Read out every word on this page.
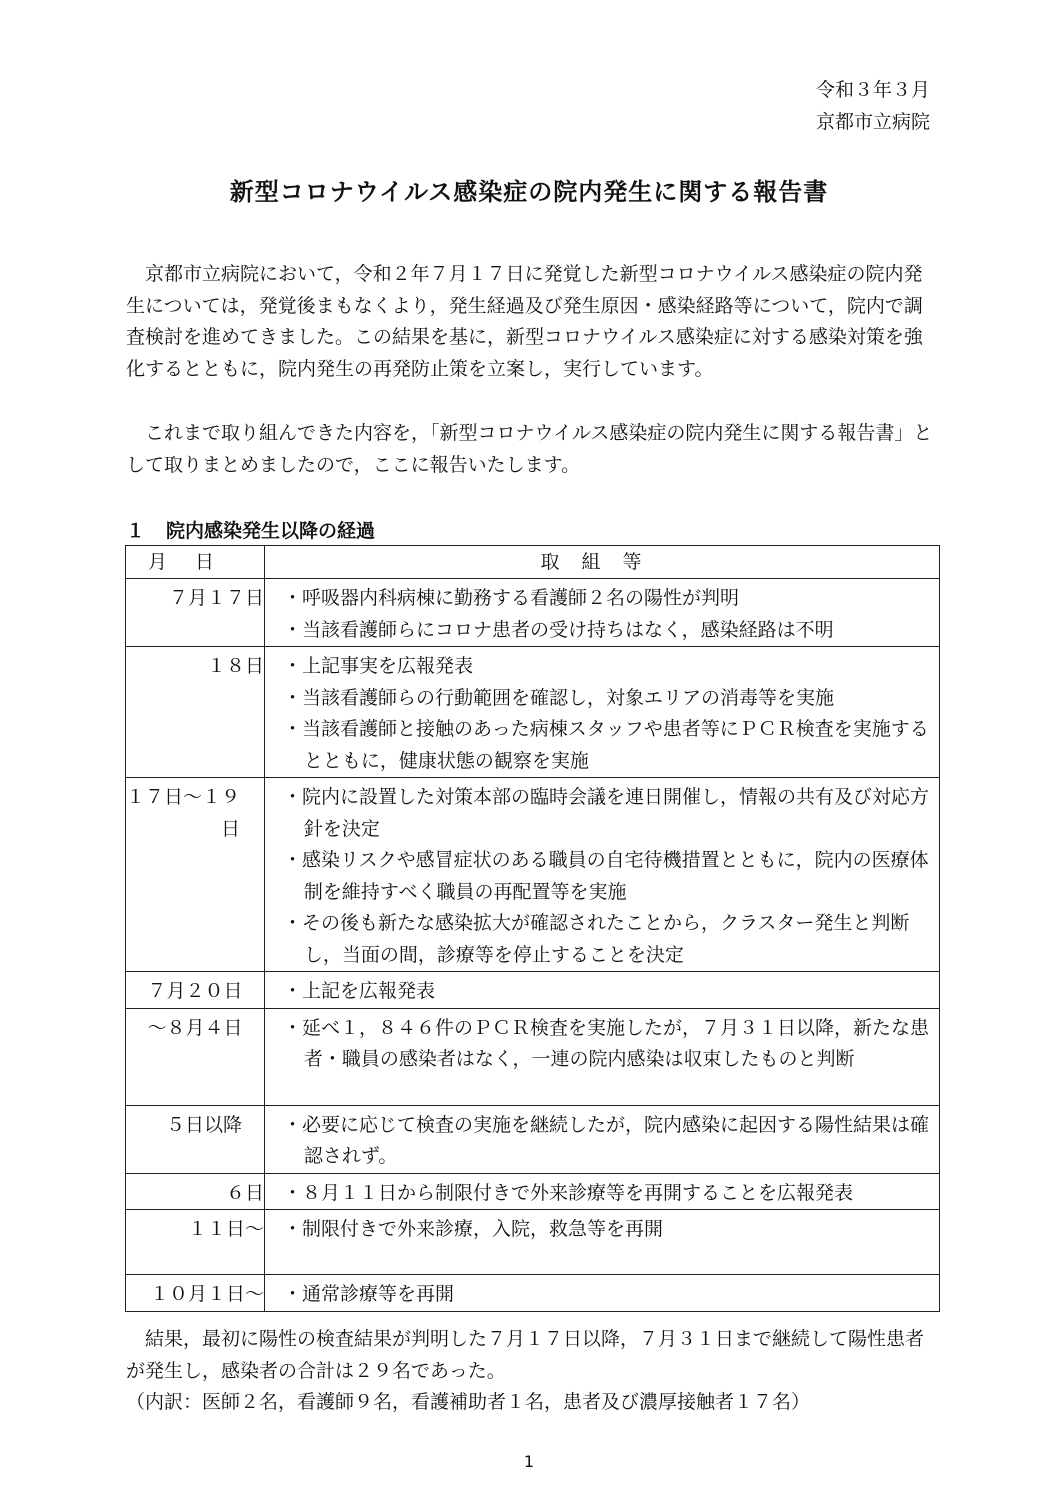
令和３年３月
京都市立病院
新型コロナウイルス感染症の院内発生に関する報告書

京都市立病院において，令和２年７月１７日に発覚した新型コロナウイルス感染症の院内発生については，発覚後まもなくより，発生経過及び発生原因・感染経路等について，院内で調査検討を進めてきました。この結果を基に，新型コロナウイルス感染症に対する感染対策を強化するとともに，院内発生の再発防止策を立案し，実行しています。

これまで取り組んできた内容を，「新型コロナウイルス感染症の院内発生に関する報告書」として取りまとめましたので，ここに報告いたします。

１ 院内感染発生以降の経過
月日	取組等
７月１７日	・呼吸器内科病棟に勤務する看護師２名の陽性が判明
・当該看護師らにコロナ患者の受け持ちはなく，感染経路は不明

１８日	・上記事実を広報発表
・当該看護師らの行動範囲を確認し，対象エリアの消毒等を実施
・当該看護師と接触のあった病棟スタッフや患者等にＰＣＲ検査を実施するとともに，健康状態の観察を実施

１７日～１９日	・院内に設置した対策本部の臨時会議を連日開催し，情報の共有及び対応方針を決定
・感染リスクや感冒症状のある職員の自宅待機措置とともに，院内の医療体制を維持すべく職員の再配置等を実施
・その後も新たな感染拡大が確認されたことから，クラスター発生と判断し，当面の間，診療等を停止することを決定

７月２０日	・上記を広報発表

～８月４日	・延べ１，８４６件のＰＣＲ検査を実施したが，７月３１日以降，新たな患者・職員の感染者はなく，一連の院内感染は収束したものと判断

５日以降	・必要に応じて検査の実施を継続したが，院内感染に起因する陽性結果は確認されず。

６日	・８月１１日から制限付きで外来診療等を再開することを広報発表

１１日～	・制限付きで外来診療，入院，救急等を再開

１０月１日～	・通常診療等を再開

結果，最初に陽性の検査結果が判明した７月１７日以降，７月３１日まで継続して陽性患者が発生し，感染者の合計は２９名であった。

（内訳：医師２名，看護師９名，看護補助者１名，患者及び濃厚接触者１７名）

1
